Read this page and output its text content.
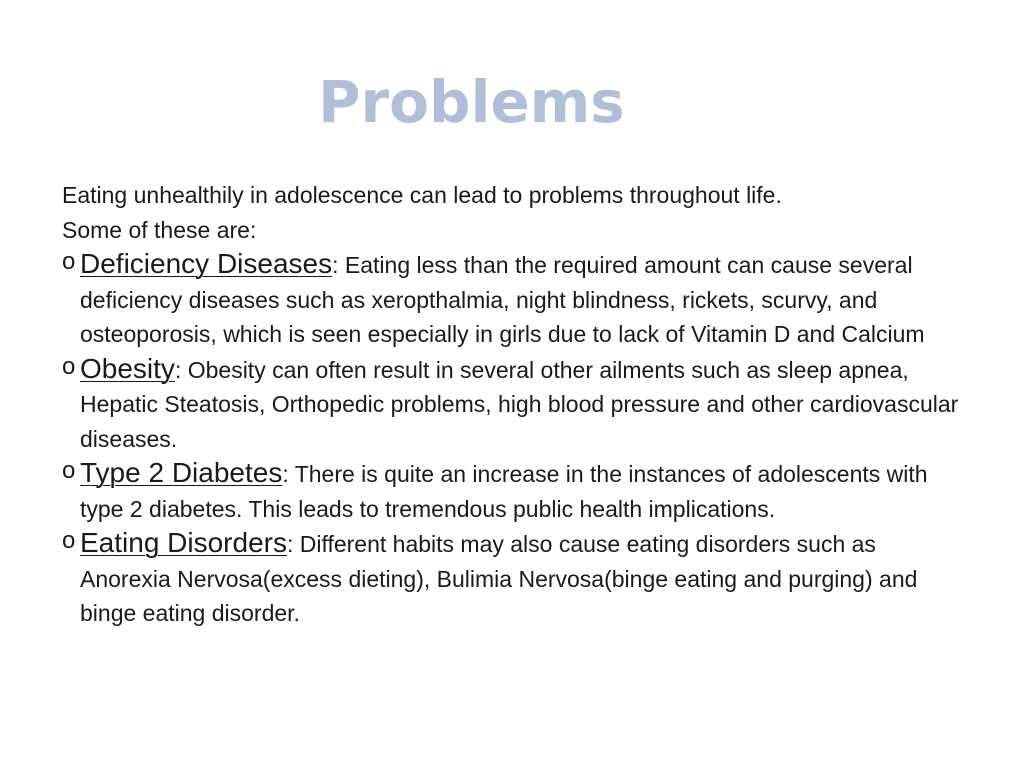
Problems

Eating unhealthily in adolescence can lead to problems throughout life.

Some of these are:

o Deficiency Diseases: Eating less than the required amount can cause several deficiency diseases such as xeropthalmia, night blindness, rickets, scurvy, and osteoporosis, which is seen especially in girls due to lack of Vitamin D and Calcium
o Obesity: Obesity can often result in several other ailments such as sleep apnea, Hepatic Steatosis, Orthopedic problems, high blood pressure and other cardiovascular diseases.
o Type 2 Diabetes: There is quite an increase in the instances of adolescents with type 2 diabetes. This leads to tremendous public health implications.
o Eating Disorders: Different habits may also cause eating disorders such as Anorexia Nervosa(excess dieting), Bulimia Nervosa(binge eating and purging) and binge eating disorder.
